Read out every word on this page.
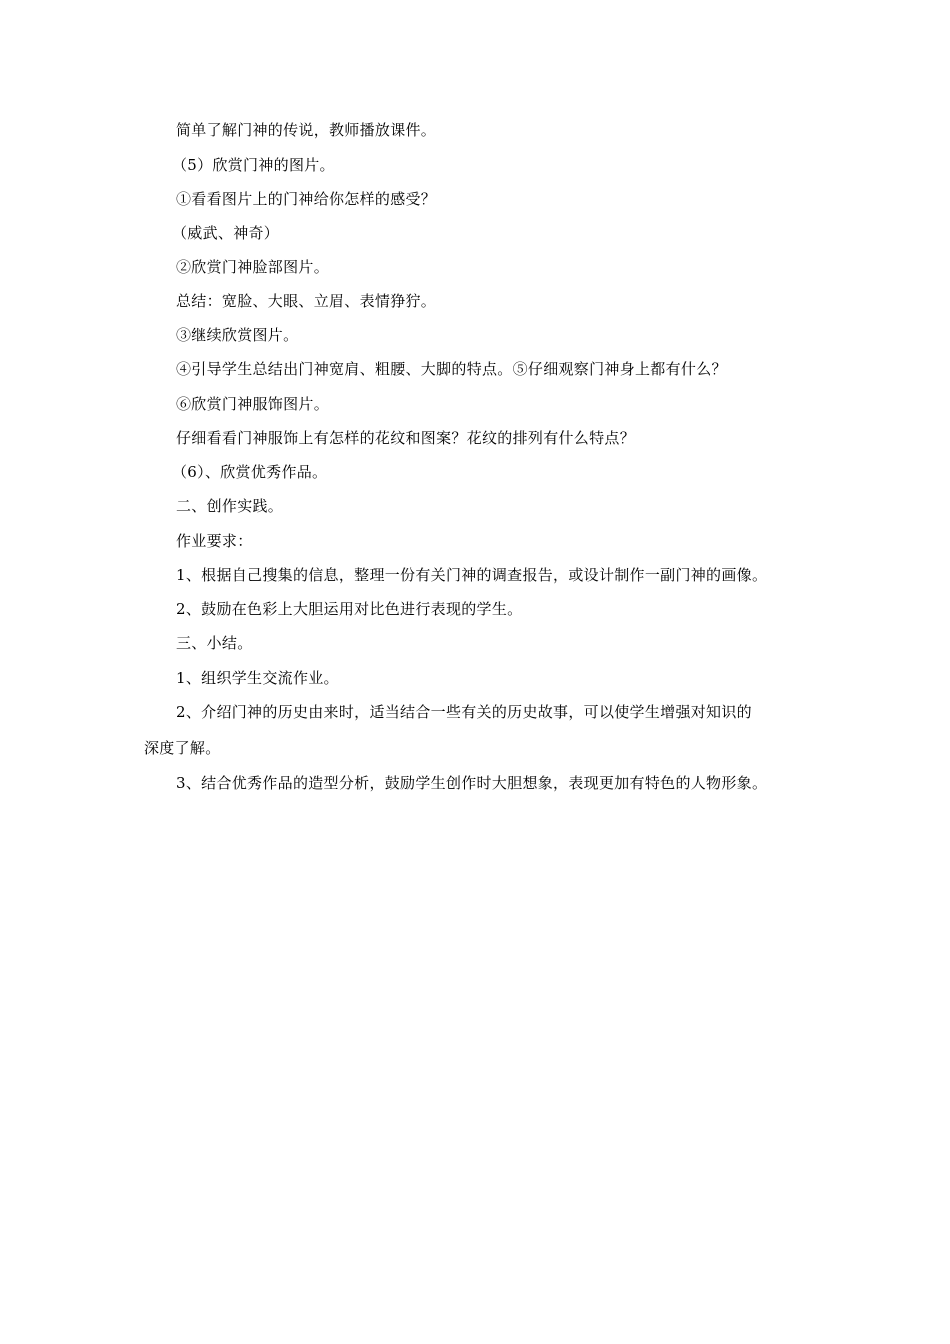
简单了解门神的传说，教师播放课件。
（5）欣赏门神的图片。
①看看图片上的门神给你怎样的感受？
（威武、神奇）
②欣赏门神脸部图片。
总结：宽脸、大眼、立眉、表情狰狞。
③继续欣赏图片。
④引导学生总结出门神宽肩、粗腰、大脚的特点。⑤仔细观察门神身上都有什么？
⑥欣赏门神服饰图片。
仔细看看门神服饰上有怎样的花纹和图案？花纹的排列有什么特点？
（6）、欣赏优秀作品。
二、创作实践。
作业要求：
1、根据自己搜集的信息，整理一份有关门神的调查报告，或设计制作一副门神的画像。
2、鼓励在色彩上大胆运用对比色进行表现的学生。
三、小结。
1、组织学生交流作业。
2、介绍门神的历史由来时，适当结合一些有关的历史故事，可以使学生增强对知识的
深度了解。
3、结合优秀作品的造型分析，鼓励学生创作时大胆想象，表现更加有特色的人物形象。
